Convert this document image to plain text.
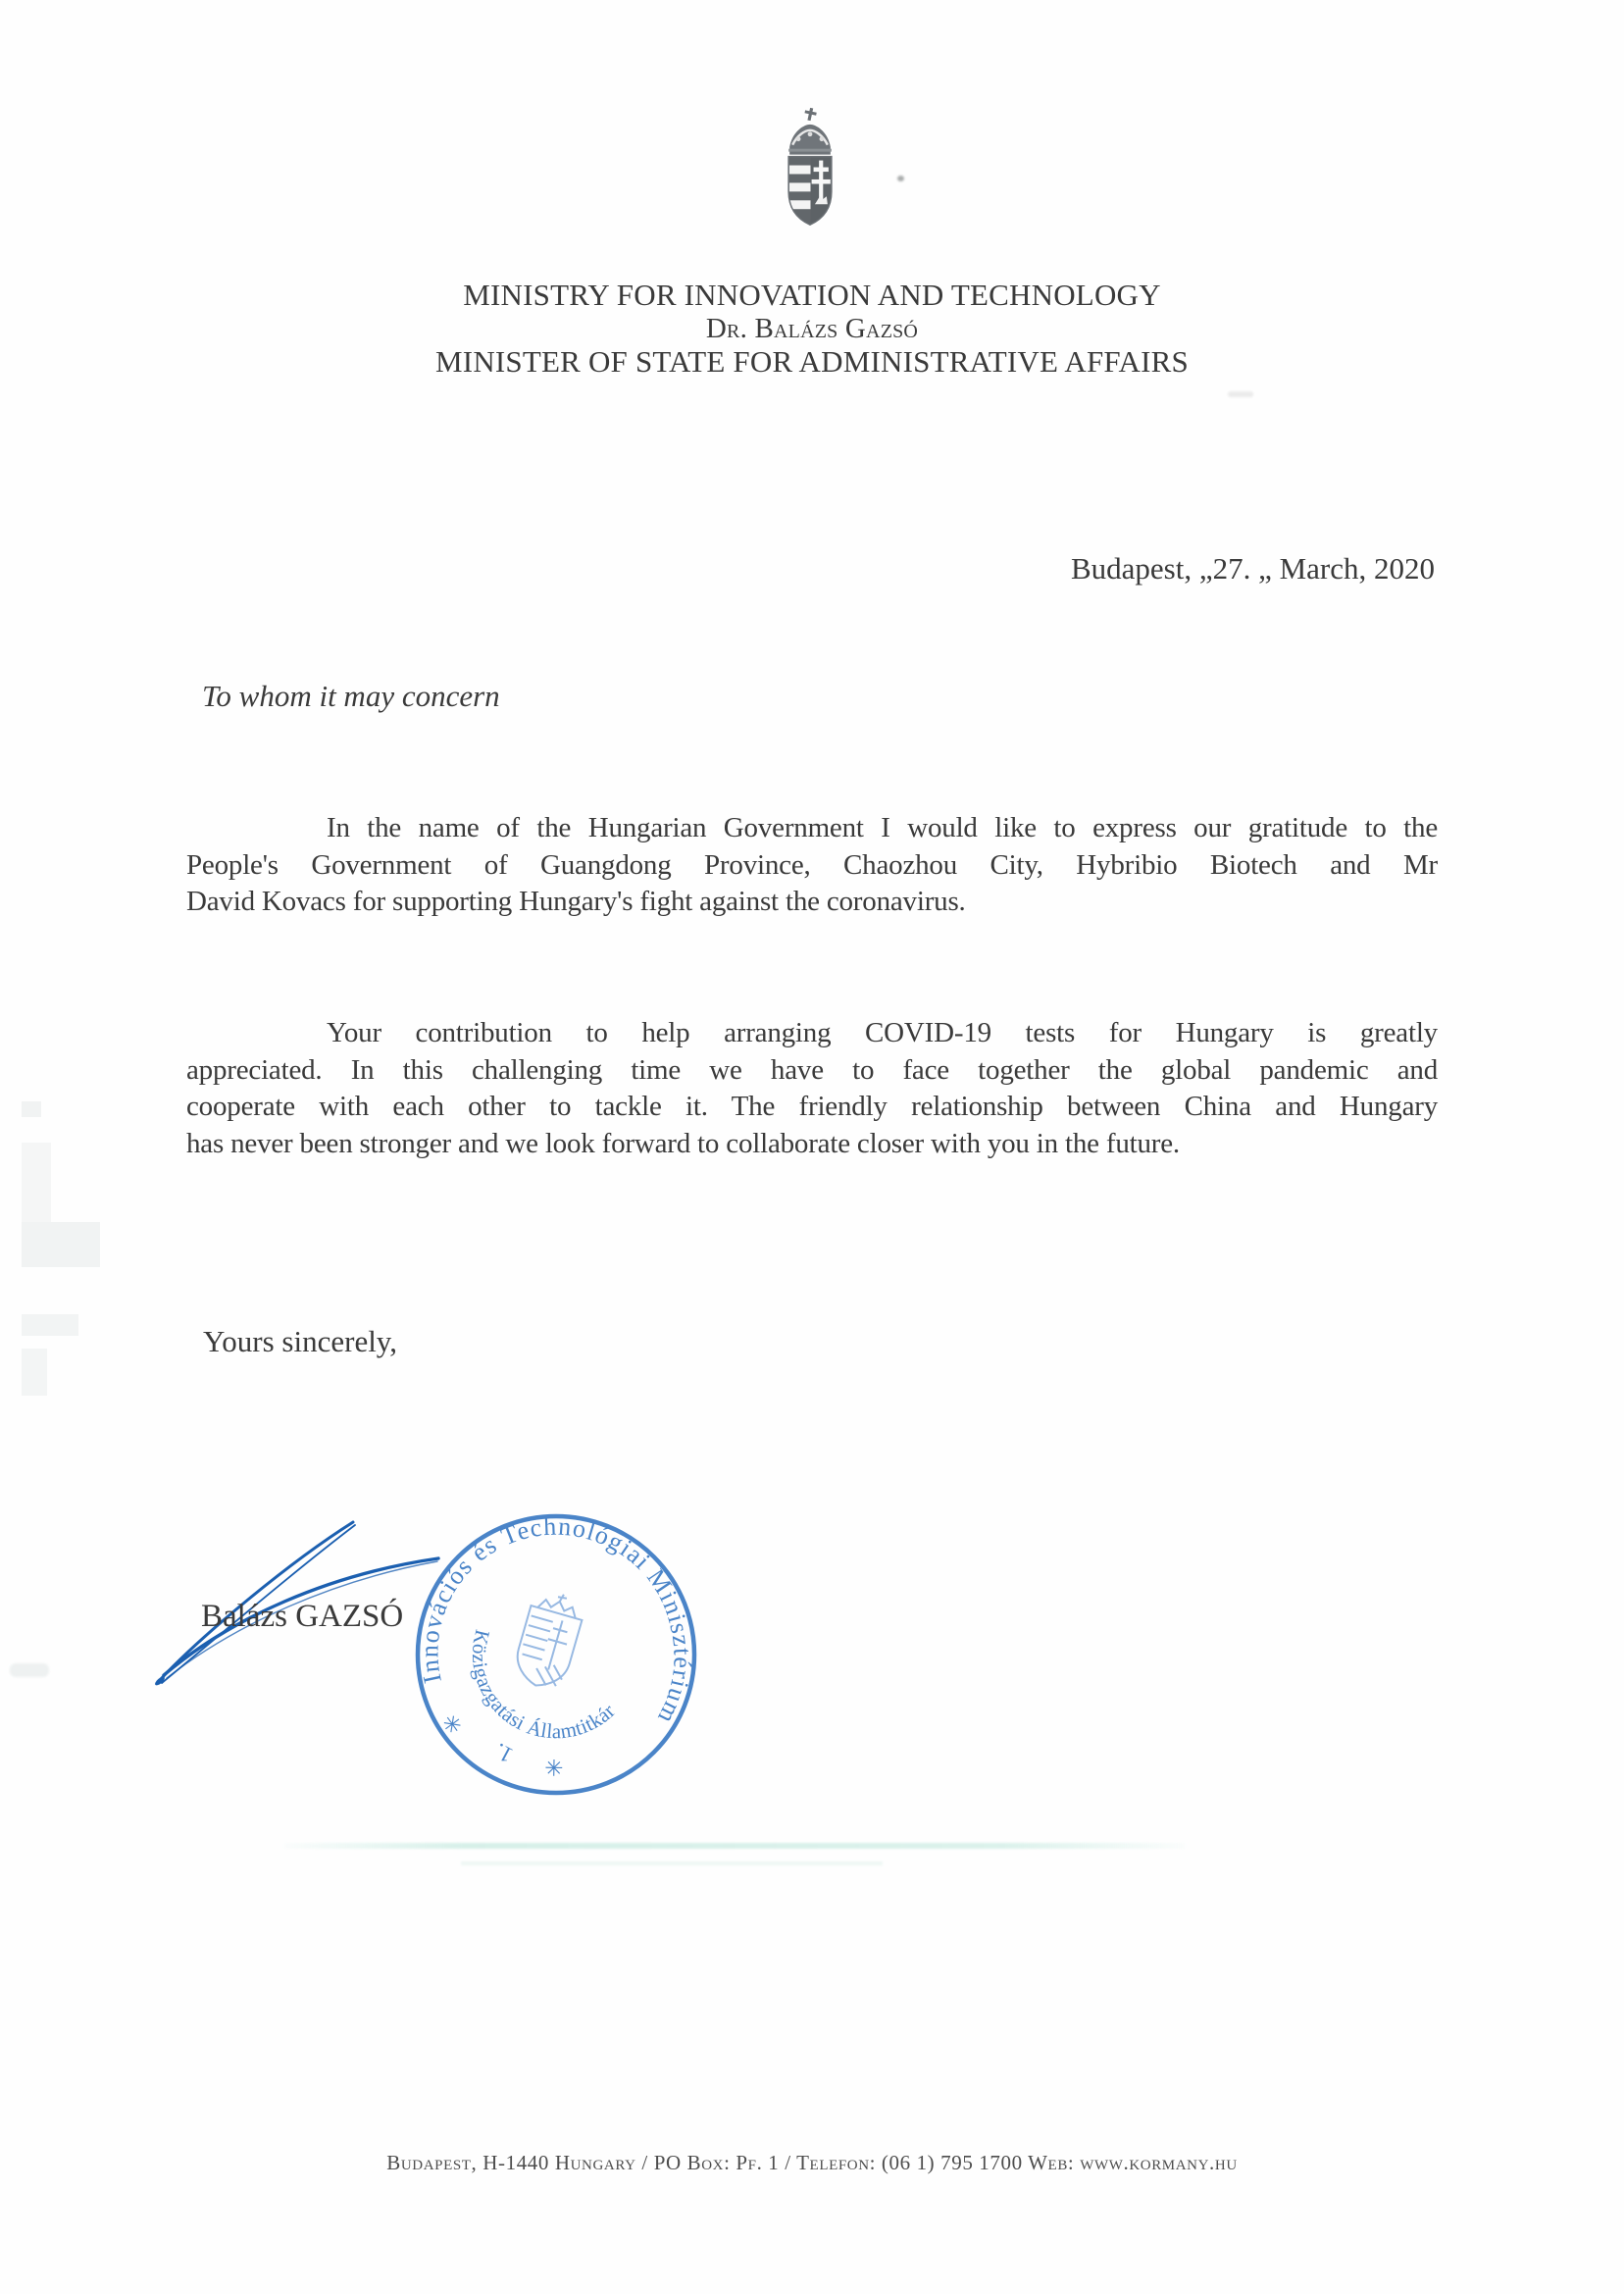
MINISTRY FOR INNOVATION AND TECHNOLOGY
Dr. Balázs Gazsó
MINISTER OF STATE FOR ADMINISTRATIVE AFFAIRS
Budapest, „27. „ March, 2020
To whom it may concern
In the name of the Hungarian Government I would like to express our gratitude to the
People's Government of Guangdong Province, Chaozhou City, Hybribio Biotech and Mr
David Kovacs for supporting Hungary's fight against the coronavirus.
Your contribution to help arranging COVID-19 tests for Hungary is greatly
appreciated. In this challenging time we have to face together the global pandemic and
cooperate with each other to tackle it. The friendly relationship between China and Hungary
has never been stronger and we look forward to collaborate closer with you in the future.
Yours sincerely,
Balázs GAZSÓ
Innovációs és Technológiai Minisztérium
Közigazgatási Államtitkár
✳
1. ✳
Budapest, H-1440 Hungary / PO Box: Pf. 1 / Telefon: (06 1) 795 1700 Web: www.kormany.hu
